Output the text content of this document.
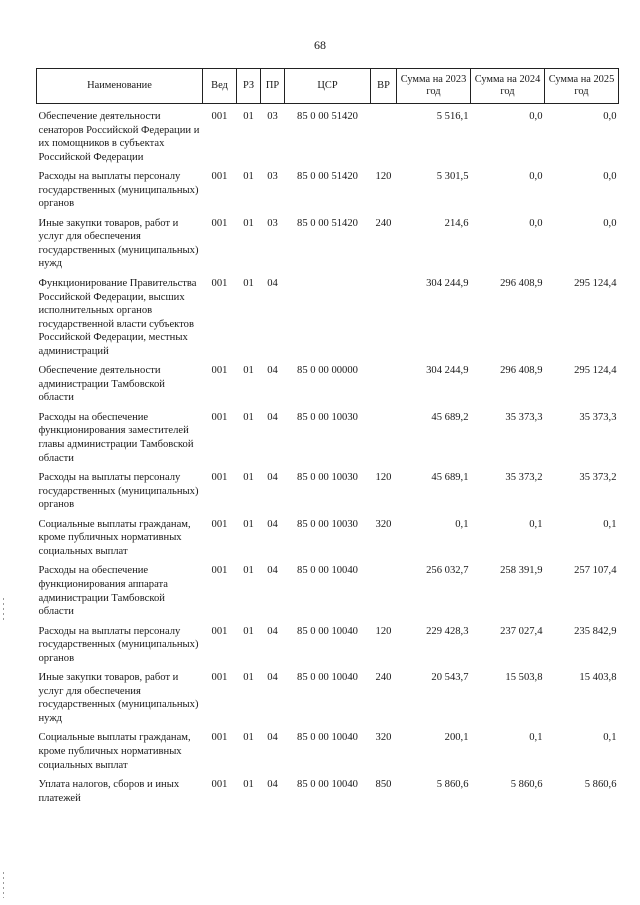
68
Наименование	Вед	РЗ	ПР	ЦСР	ВР	Сумма на 2023 год	Сумма на 2024 год	Сумма на 2025 год
Обеспечение деятельности сенаторов Российской Федерации и их помощников в субъектах Российской Федерации	001	01	03	85 0 00 51420		5 516,1	0,0	0,0
Расходы на выплаты персоналу государственных (муниципальных) органов	001	01	03	85 0 00 51420	120	5 301,5	0,0	0,0
Иные закупки товаров, работ и услуг для обеспечения государственных (муниципальных) нужд	001	01	03	85 0 00 51420	240	214,6	0,0	0,0
Функционирование Правительства Российской Федерации, высших исполнительных органов государственной власти субъектов Российской Федерации, местных администраций	001	01	04			304 244,9	296 408,9	295 124,4
Обеспечение деятельности администрации Тамбовской области	001	01	04	85 0 00 00000		304 244,9	296 408,9	295 124,4
Расходы на обеспечение функционирования заместителей главы администрации Тамбовской области	001	01	04	85 0 00 10030		45 689,2	35 373,3	35 373,3
Расходы на выплаты персоналу государственных (муниципальных) органов	001	01	04	85 0 00 10030	120	45 689,1	35 373,2	35 373,2
Социальные выплаты гражданам, кроме публичных нормативных социальных выплат	001	01	04	85 0 00 10030	320	0,1	0,1	0,1
Расходы на обеспечение функционирования аппарата администрации Тамбовской области	001	01	04	85 0 00 10040		256 032,7	258 391,9	257 107,4
Расходы на выплаты персоналу государственных (муниципальных) органов	001	01	04	85 0 00 10040	120	229 428,3	237 027,4	235 842,9
Иные закупки товаров, работ и услуг для обеспечения государственных (муниципальных) нужд	001	01	04	85 0 00 10040	240	20 543,7	15 503,8	15 403,8
Социальные выплаты гражданам, кроме публичных нормативных социальных выплат	001	01	04	85 0 00 10040	320	200,1	0,1	0,1
Уплата налогов, сборов и иных платежей	001	01	04	85 0 00 10040	850	5 860,6	5 860,6	5 860,6
